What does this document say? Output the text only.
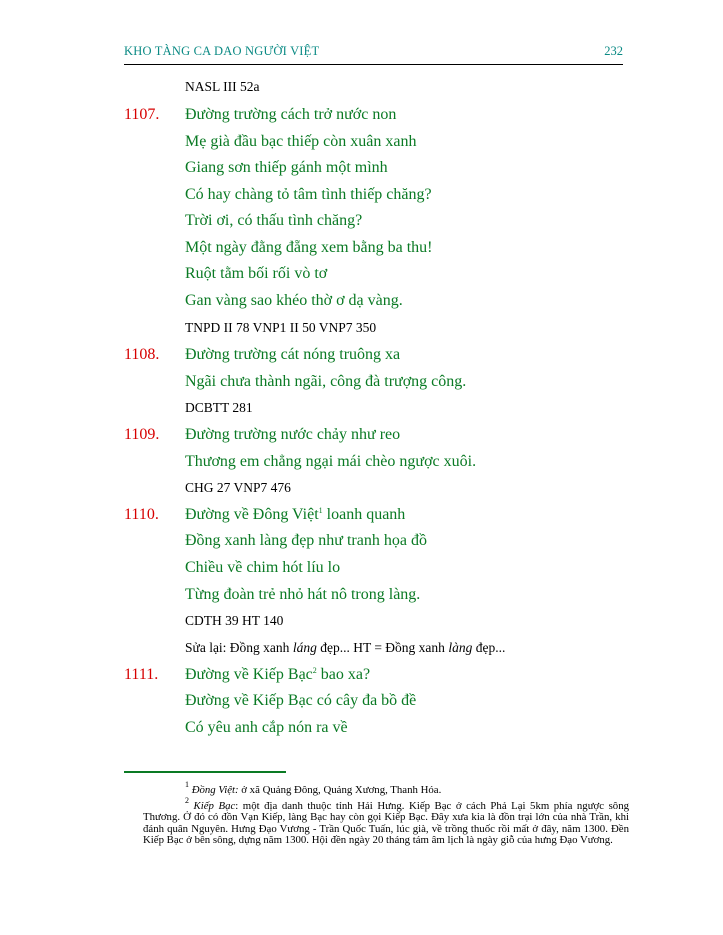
KHO TÀNG CA DAO NGƯỜI VIỆT	232
NASL III 52a
1107. Đường trường cách trở nước non
Mẹ già đầu bạc thiếp còn xuân xanh
Giang sơn thiếp gánh một mình
Có hay chàng tỏ tâm tình thiếp chăng?
Trời ơi, có thấu tình chăng?
Một ngày đằng đẵng xem bằng ba thu!
Ruột tằm bối rối vò tơ
Gan vàng sao khéo thờ ơ dạ vàng.
TNPD II 78 VNP1 II 50 VNP7 350
1108. Đường trường cát nóng truông xa
Ngãi chưa thành ngãi, công đà trượng công.
DCBTT 281
1109. Đường trường nước chảy như reo
Thương em chẳng ngại mái chèo ngược xuôi.
CHG 27 VNP7 476
1110. Đường về Đông Việt$^1$ loanh quanh
Đồng xanh làng đẹp như tranh họa đồ
Chiều về chim hót líu lo
Từng đoàn trẻ nhỏ hát nô trong làng.
CDTH 39 HT 140
Sửa lại: Đồng xanh láng đẹp... HT = Đồng xanh làng đẹp...
1111. Đường về Kiếp Bạc$^2$ bao xa?
Đường về Kiếp Bạc có cây đa bồ đề
Có yêu anh cắp nón ra về
$^1$ Đồng Việt: ở xã Quảng Đông, Quảng Xương, Thanh Hóa.
$^2$ Kiếp Bạc: một địa danh thuộc tỉnh Hải Hưng. Kiếp Bạc ở cách Phả Lại 5km phía ngược sông Thương. Ở đó có đồn Vạn Kiếp, làng Bạc hay còn gọi Kiếp Bạc. Đây xưa kia là đồn trại lớn của nhà Trần, khi đánh quân Nguyên. Hưng Đạo Vương - Trần Quốc Tuấn, lúc già, về trồng thuốc rồi mất ở đây, năm 1300. Đền Kiếp Bạc ở bên sông, dựng năm 1300. Hội đền ngày 20 tháng tám âm lịch là ngày giỗ của hưng Đạo Vương.
